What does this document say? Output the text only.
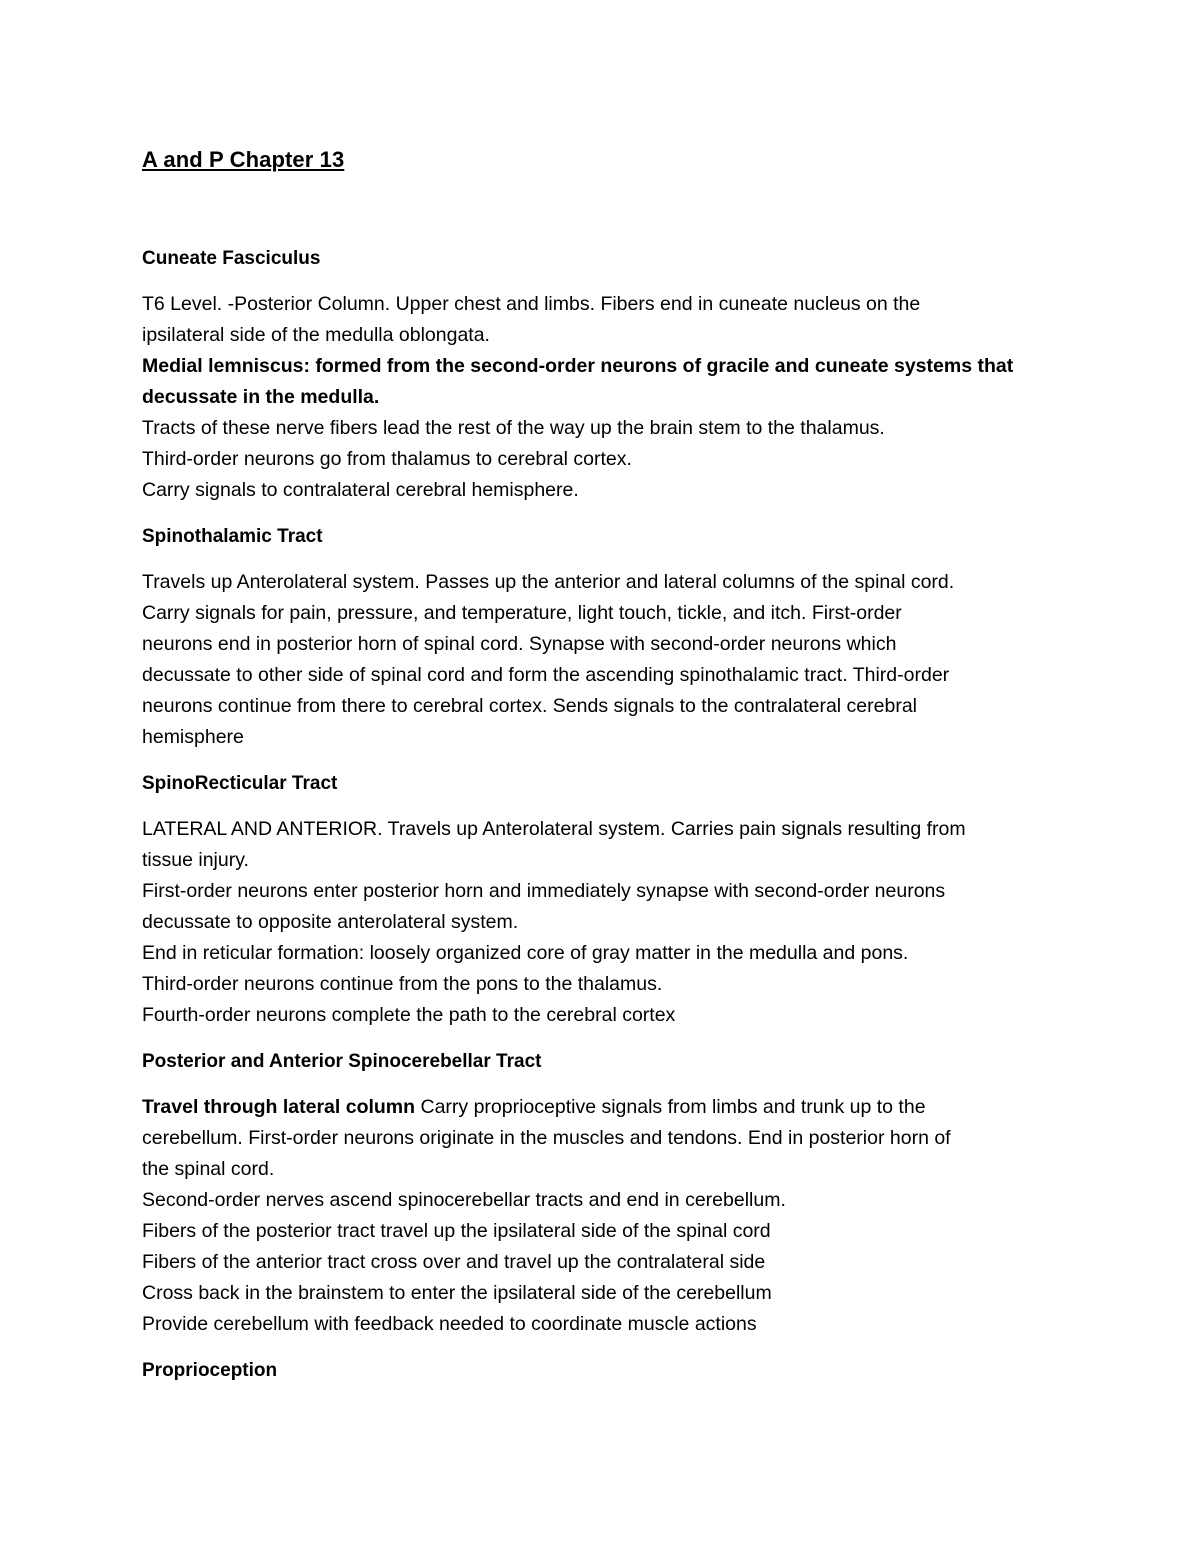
A and P Chapter 13
Cuneate Fasciculus
T6 Level. -Posterior Column. Upper chest and limbs. Fibers end in cuneate nucleus on the
ipsilateral side of the medulla oblongata.
Medial lemniscus: formed from the second-order neurons of gracile and cuneate systems that
decussate in the medulla.
Tracts of these nerve fibers lead the rest of the way up the brain stem to the thalamus.
Third-order neurons go from thalamus to cerebral cortex.
Carry signals to contralateral cerebral hemisphere.
Spinothalamic Tract
Travels up Anterolateral system. Passes up the anterior and lateral columns of the spinal cord.
Carry signals for pain, pressure, and temperature, light touch, tickle, and itch. First-order
neurons end in posterior horn of spinal cord. Synapse with second-order neurons which
decussate to other side of spinal cord and form the ascending spinothalamic tract. Third-order
neurons continue from there to cerebral cortex. Sends signals to the contralateral cerebral
hemisphere
SpinoRecticular Tract
LATERAL AND ANTERIOR. Travels up Anterolateral system. Carries pain signals resulting from
tissue injury.
First-order neurons enter posterior horn and immediately synapse with second-order neurons
decussate to opposite anterolateral system.
End in reticular formation: loosely organized core of gray matter in the medulla and pons.
Third-order neurons continue from the pons to the thalamus.
Fourth-order neurons complete the path to the cerebral cortex
Posterior and Anterior Spinocerebellar Tract
Travel through lateral column Carry proprioceptive signals from limbs and trunk up to the
cerebellum. First-order neurons originate in the muscles and tendons. End in posterior horn of
the spinal cord.
Second-order nerves ascend spinocerebellar tracts and end in cerebellum.
Fibers of the posterior tract travel up the ipsilateral side of the spinal cord
Fibers of the anterior tract cross over and travel up the contralateral side
Cross back in the brainstem to enter the ipsilateral side of the cerebellum
Provide cerebellum with feedback needed to coordinate muscle actions
Proprioception
